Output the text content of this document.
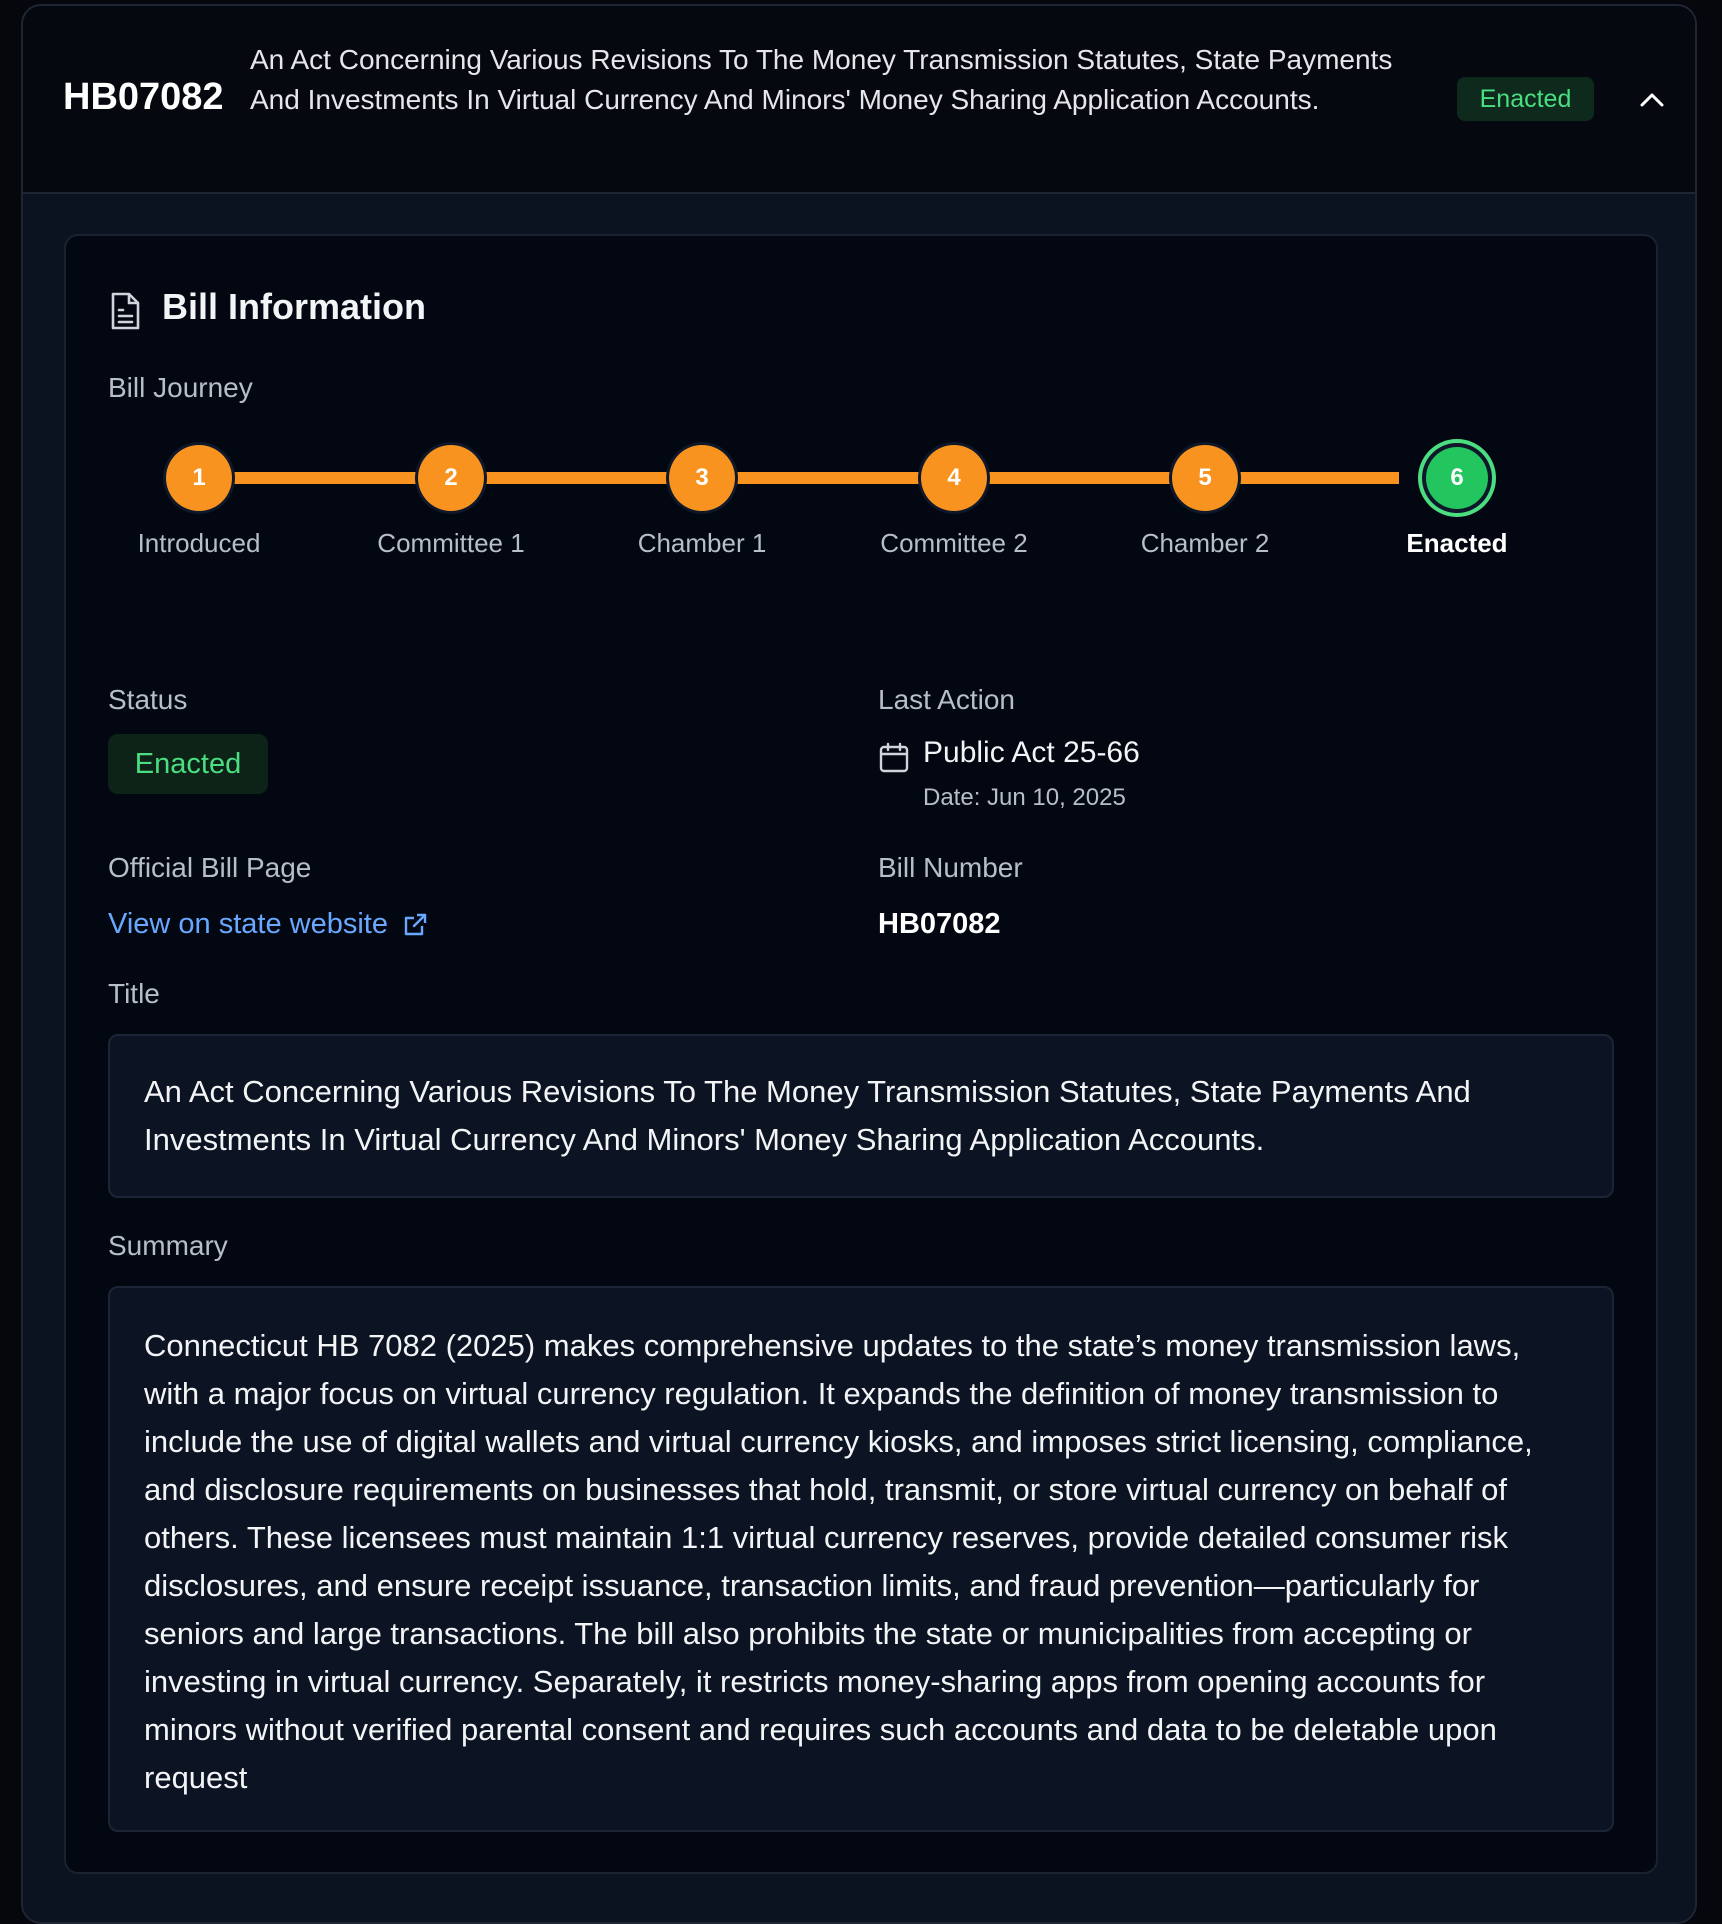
HB07082
An Act Concerning Various Revisions To The Money Transmission Statutes, State Payments And Investments In Virtual Currency And Minors' Money Sharing Application Accounts.	Enacted
Bill Information
Bill Journey
1
Introduced
2
Committee 1
3
Chamber 1
4
Committee 2
5
Chamber 2
6
Enacted
Status
Enacted
Last Action
Public Act 25-66
Date: Jun 10, 2025
Official Bill Page
View on state website
Bill Number
HB07082
Title
An Act Concerning Various Revisions To The Money Transmission Statutes, State Payments And Investments In Virtual Currency And Minors' Money Sharing Application Accounts.
Summary
Connecticut HB 7082 (2025) makes comprehensive updates to the state’s money transmission laws, with a major focus on virtual currency regulation. It expands the definition of money transmission to include the use of digital wallets and virtual currency kiosks, and imposes strict licensing, compliance, and disclosure requirements on businesses that hold, transmit, or store virtual currency on behalf of others. These licensees must maintain 1:1 virtual currency reserves, provide detailed consumer risk disclosures, and ensure receipt issuance, transaction limits, and fraud prevention—particularly for seniors and large transactions. The bill also prohibits the state or municipalities from accepting or investing in virtual currency. Separately, it restricts money-sharing apps from opening accounts for minors without verified parental consent and requires such accounts and data to be deletable upon request
